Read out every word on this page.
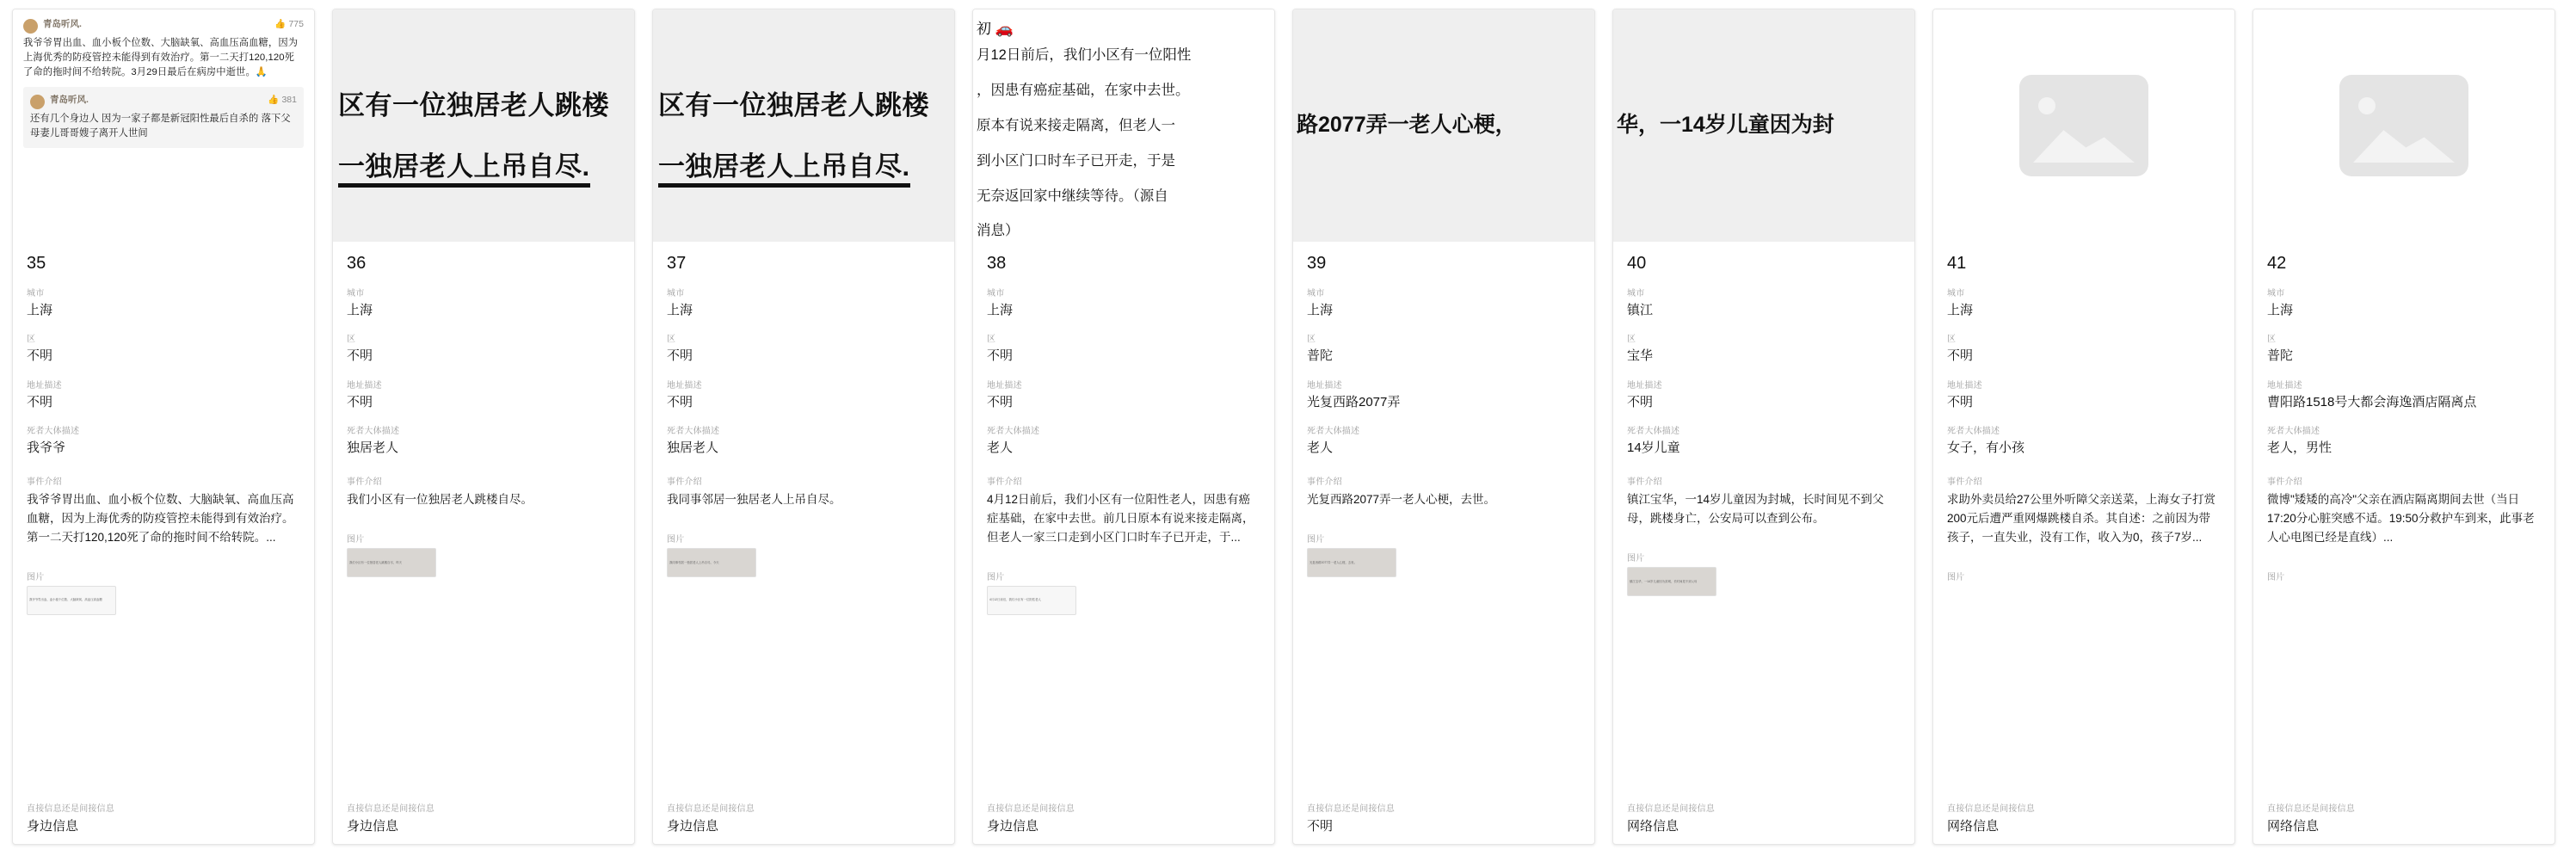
青岛听风.	👍 775
我爷爷胃出血、血小板个位数、大脑缺氧、高血压高血糖，因为上海优秀的防疫管控未能得到有效治疗。第一二天打120,120死了命的拖时间不给转院。3月29日最后在病房中逝世。🙏
青岛听风.	👍 381
还有几个身边人 因为一家子都是新冠阳性最后自杀的 落下父母妻儿哥哥嫂子离开人世间
35
城市
上海
区
不明
地址描述
不明
死者大体描述
我爷爷
事件介绍
我爷爷胃出血、血小板个位数、大脑缺氧、高血压高血糖，因为上海优秀的防疫管控未能得到有效治疗。第一二天打120,120死了命的拖时间不给转院。...
图片
我爷爷胃出血、血小板个位数、大脑缺氧、高血压高血糖
直接信息还是间接信息
身边信息
区有一位独居老人跳楼
一独居老人上吊自尽.
36
城市
上海
区
不明
地址描述
不明
死者大体描述
独居老人
事件介绍
我们小区有一位独居老人跳楼自尽。
图片
我们小区有一位独居老人跳楼自尽，昨天
直接信息还是间接信息
身边信息
区有一位独居老人跳楼
一独居老人上吊自尽.
37
城市
上海
区
不明
地址描述
不明
死者大体描述
独居老人
事件介绍
我同事邻居一独居老人上吊自尽。
图片
我同事邻居一独居老人上吊自尽，今天
直接信息还是间接信息
身边信息
初 🚗
月12日前后，我们小区有一位阳性
，因患有癌症基础，在家中去世。
原本有说来接走隔离，但老人一
到小区门口时车子已开走，于是
无奈返回家中继续等待。（源自
消息）
38
城市
上海
区
不明
地址描述
不明
死者大体描述
老人
事件介绍
4月12日前后，我们小区有一位阳性老人，因患有癌症基础，在家中去世。前几日原本有说来接走隔离，但老人一家三口走到小区门口时车子已开走，于...
图片
4月12日前后，我们小区有一位阳性老人
直接信息还是间接信息
身边信息
路2077弄一老人心梗，
39
城市
上海
区
普陀
地址描述
光复西路2077弄
死者大体描述
老人
事件介绍
光复西路2077弄一老人心梗，去世。
图片
光复西路2077弄一老人心梗，去世。
直接信息还是间接信息
不明
华，一14岁儿童因为封
40
城市
镇江
区
宝华
地址描述
不明
死者大体描述
14岁儿童
事件介绍
镇江宝华，一14岁儿童因为封城，长时间见不到父母，跳楼身亡，公安局可以查到公布。
图片
镇江宝华，一14岁儿童因为封城，长时间见不到父母
直接信息还是间接信息
网络信息
41
城市
上海
区
不明
地址描述
不明
死者大体描述
女子，有小孩
事件介绍
求助外卖员给27公里外听障父亲送菜，上海女子打赏200元后遭严重网爆跳楼自杀。其自述：之前因为带孩子，一直失业，没有工作，收入为0，孩子7岁...
图片
直接信息还是间接信息
网络信息
42
城市
上海
区
普陀
地址描述
曹阳路1518号大都会海逸酒店隔离点
死者大体描述
老人，男性
事件介绍
微博"矮矮的高冷"父亲在酒店隔离期间去世（当日17:20分心脏突感不适。19:50分救护车到来，此事老人心电图已经是直线）...
图片
直接信息还是间接信息
网络信息
